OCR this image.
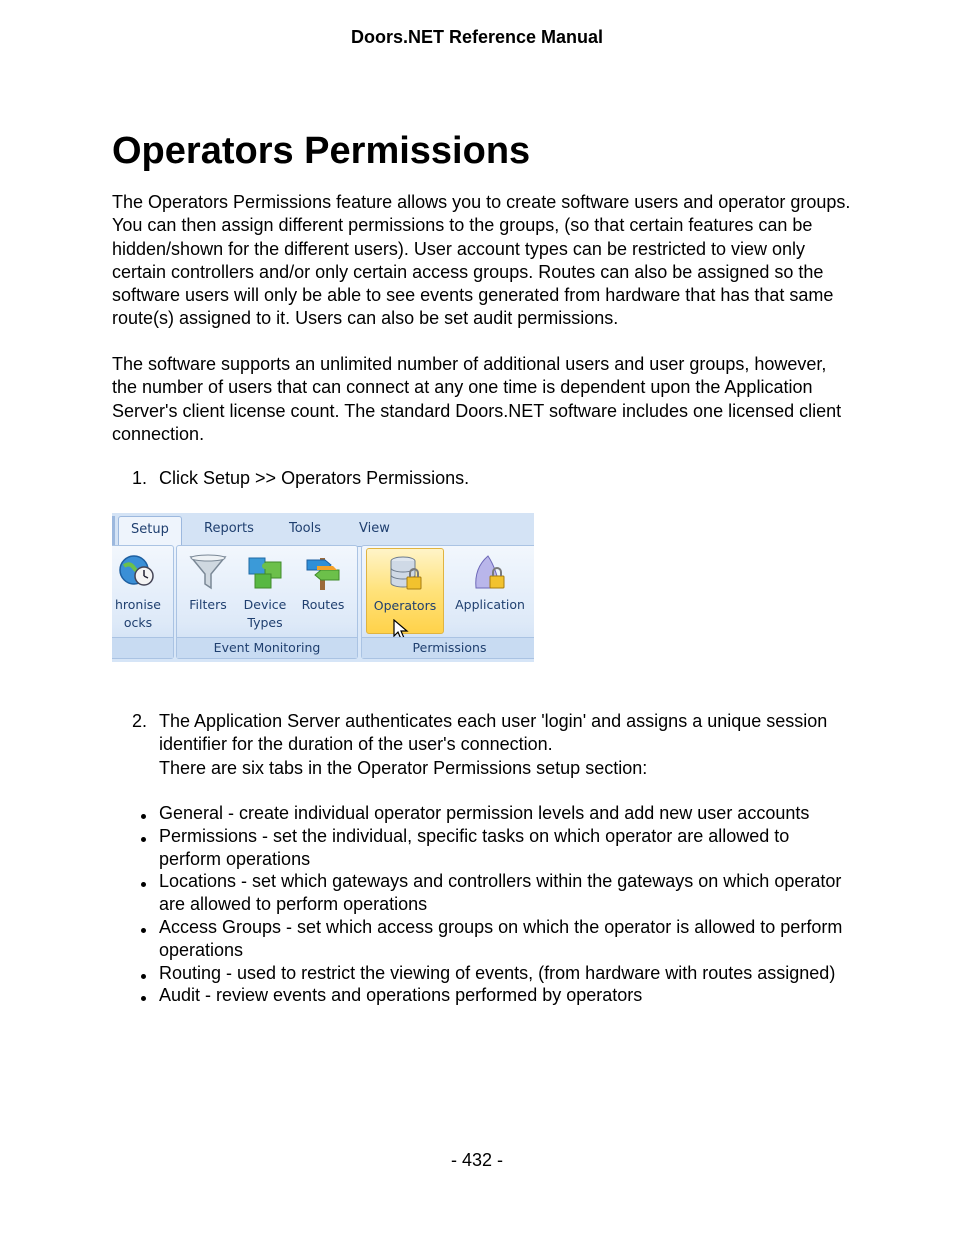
Doors.NET Reference Manual
Operators Permissions

The Operators Permissions feature allows you to create software users and operator groups. You can then assign different permissions to the groups, (so that certain features can be hidden/shown for the different users). User account types can be restricted to view only certain controllers and/or only certain access groups. Routes can also be assigned so the software users will only be able to see events generated from hardware that has that same route(s) assigned to it. Users can also be set audit permissions.

The software supports an unlimited number of additional users and user groups, however, the number of users that can connect at any one time is dependent upon the Application Server's client license count. The standard Doors.NET software includes one licensed client connection.

1. Click Setup >> Operators Permissions.
Setup	Reports	Tools	View
hronise
ocks
Filters	Device
Types
Routes
Event Monitoring
Operators	Application
Permissions
2. The Application Server authenticates each user 'login' and assigns a unique session identifier for the duration of the user's connection.
There are six tabs in the Operator Permissions setup section:
General - create individual operator permission levels and add new user accounts
Permissions - set the individual, specific tasks on which operator are allowed to perform operations
Locations - set which gateways and controllers within the gateways on which operator are allowed to perform operations
Access Groups - set which access groups on which the operator is allowed to perform operations
Routing - used to restrict the viewing of events, (from hardware with routes assigned)
Audit - review events and operations performed by operators
- 432 -
